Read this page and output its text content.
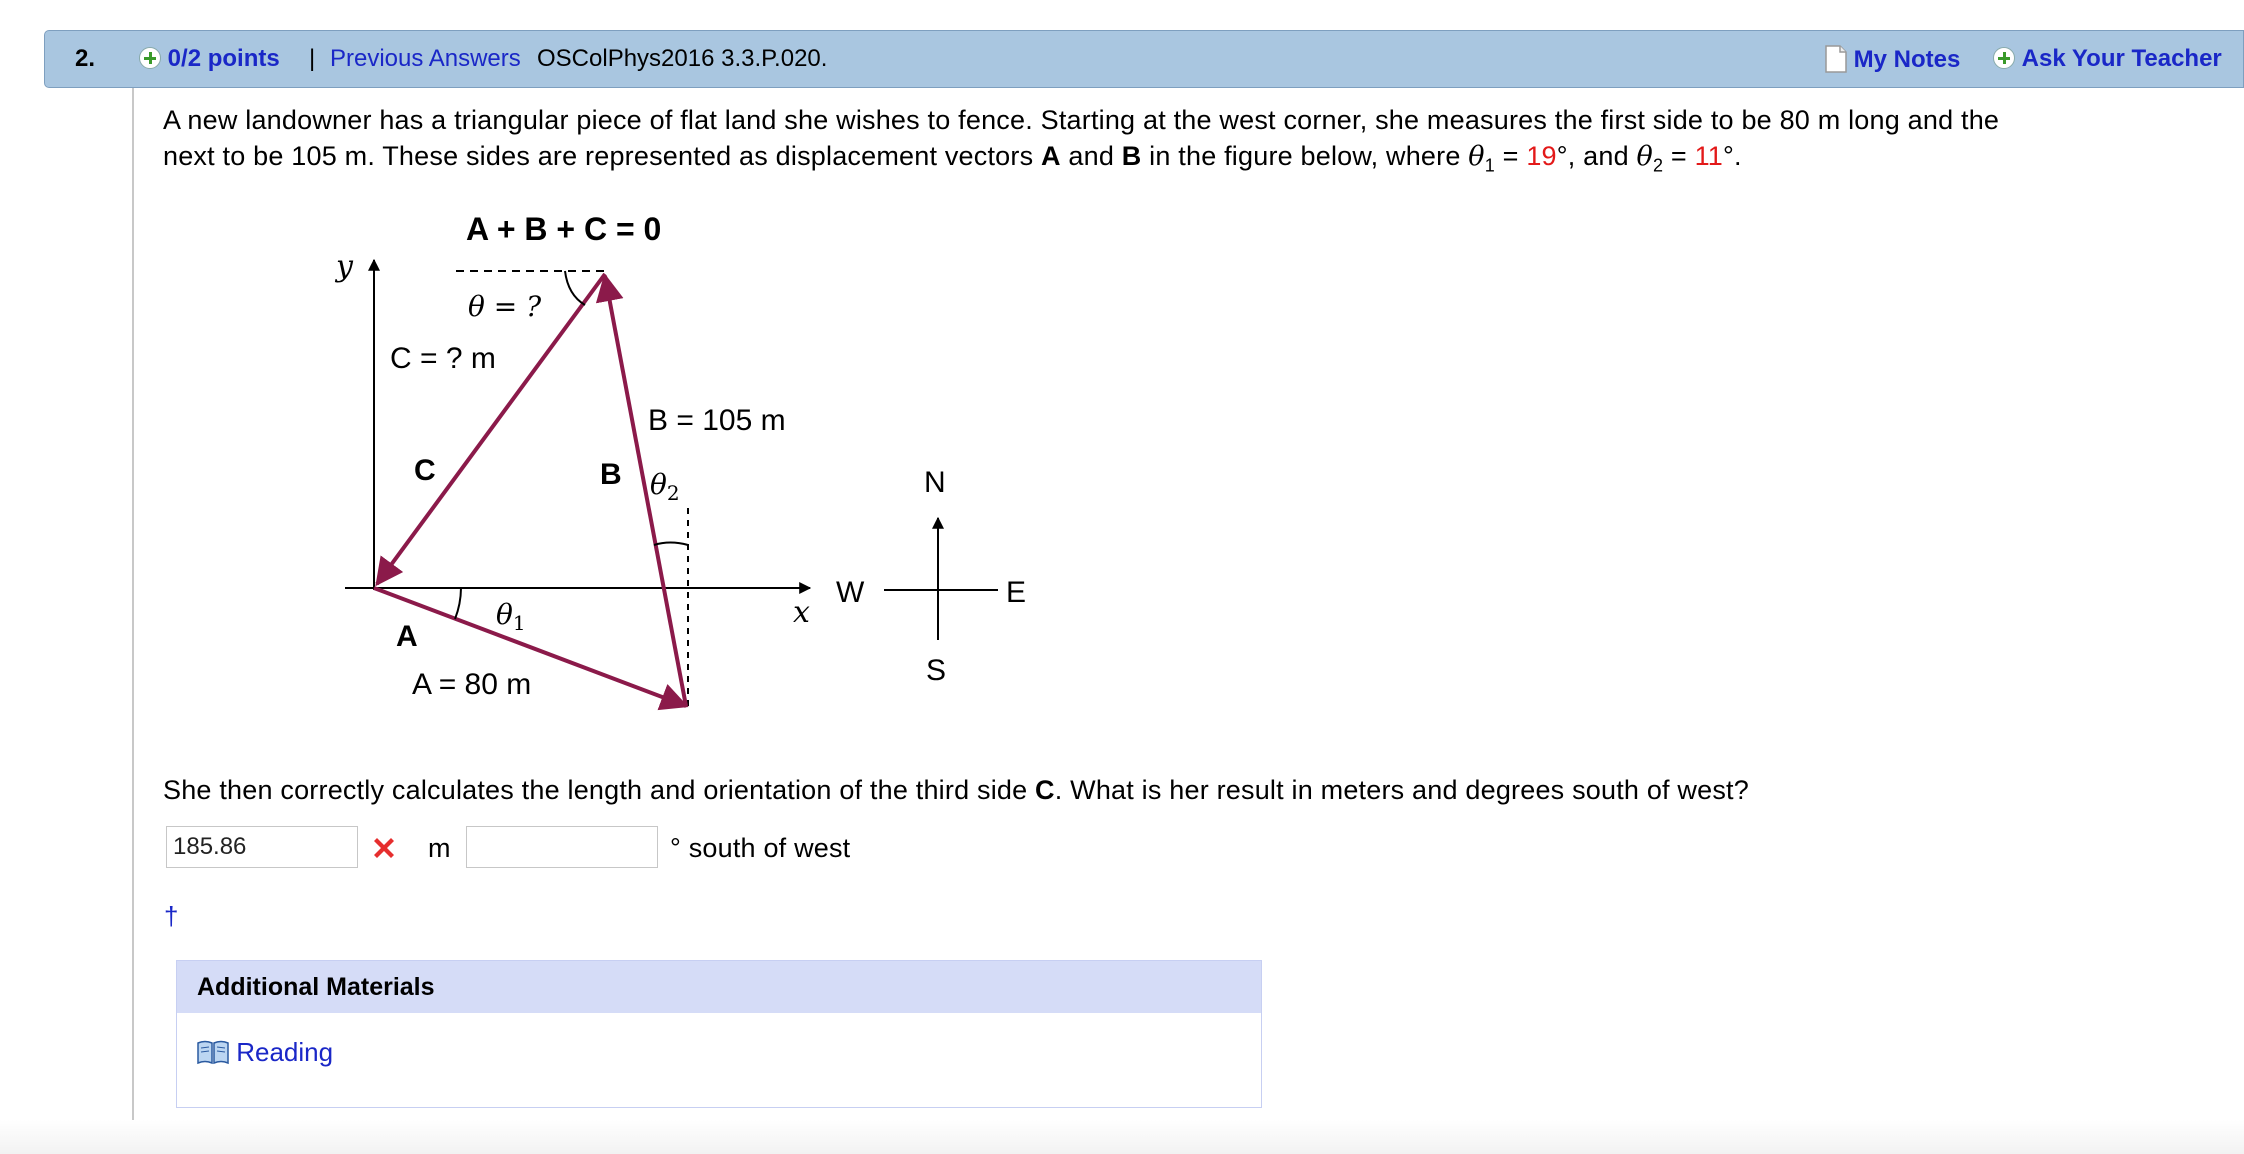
2.	0/2 points | Previous Answers OSColPhys2016 3.3.P.020.	My Notes	Ask Your Teacher
A new landowner has a triangular piece of flat land she wishes to fence. Starting at the west corner, she measures the first side to be 80 m long and the
next to be 105 m. These sides are represented as displacement vectors A and B in the figure below, where $\theta_1 = 19^\circ$, and $\theta_2 = 11^\circ$.
A + B + C = 0
y
θ = ?
C = ? m
B = 105 m
C	B $\theta_2$
$\theta_1$
A
A = 80 m
x
N
S
W	E
She then correctly calculates the length and orientation of the third side C. What is her result in meters and degrees south of west?
185.86
m	° south of west
†
Additional Materials
Reading
